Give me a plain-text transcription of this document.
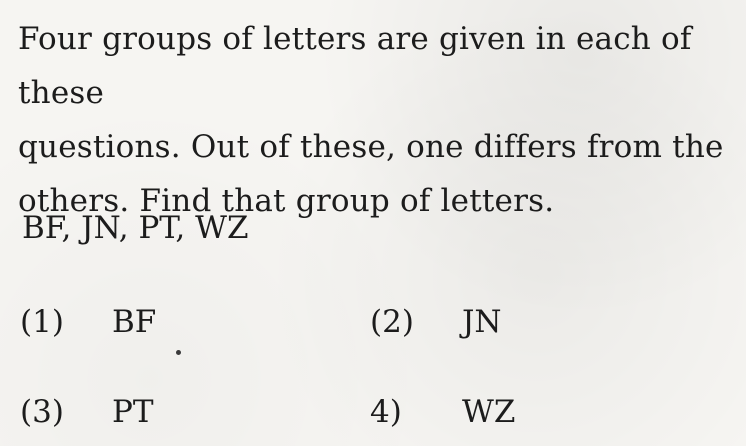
Four groups of letters are given in each of these
questions. Out of these, one differs from the
others. Find that group of letters.

BF, JN, PT, WZ

(1)	BF	(2)	JN
(3)	PT	4)	WZ
